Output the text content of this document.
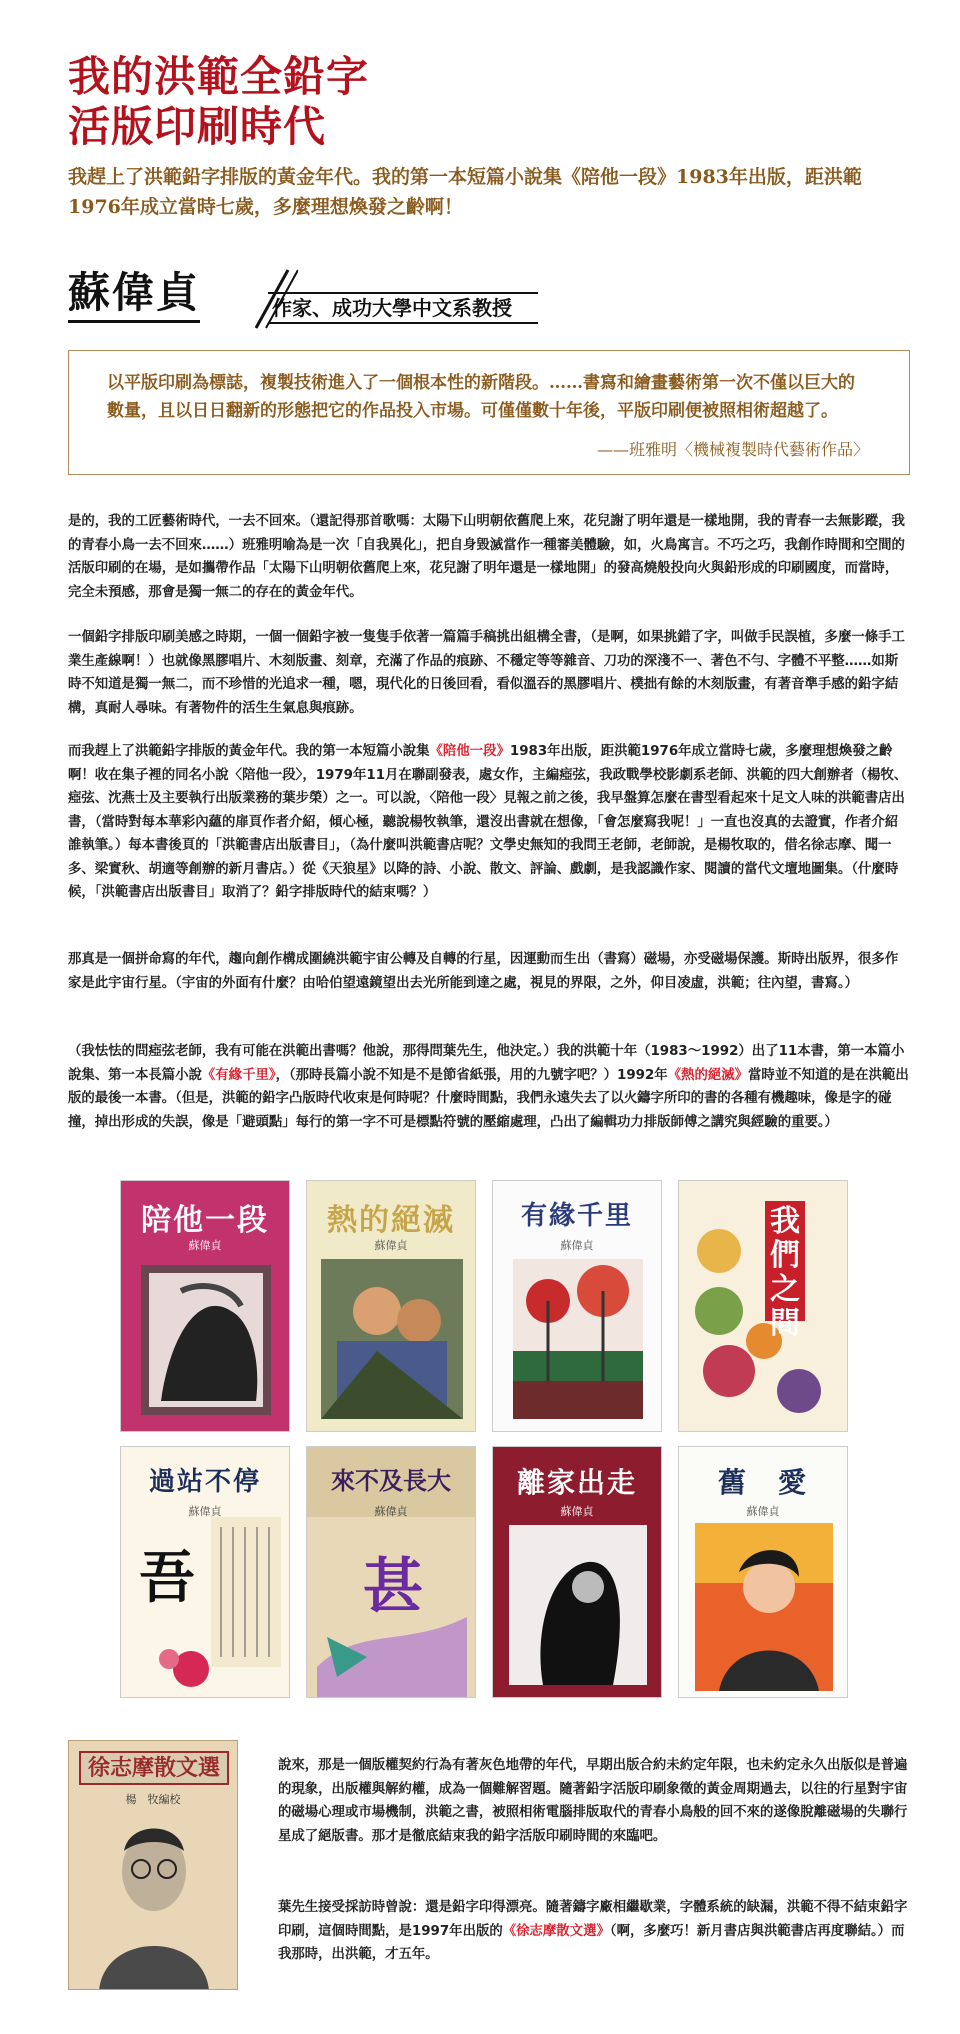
我的洪範全鉛字
活版印刷時代

我趕上了洪範鉛字排版的黃金年代。我的第一本短篇小說集《陪他一段》1983年出版，距洪範1976年成立當時七歲，多麼理想煥發之齡啊！

蘇偉貞	作家、成功大學中文系教授

以平版印刷為標誌，複製技術進入了一個根本性的新階段。……書寫和繪畫藝術第一次不僅以巨大的數量，且以日日翻新的形態把它的作品投入市場。可僅僅數十年後，平版印刷便被照相術超越了。

——班雅明〈機械複製時代藝術作品〉

是的，我的工匠藝術時代，一去不回來。（還記得那首歌嗎：太陽下山明朝依舊爬上來，花兒謝了明年還是一樣地開，我的青春一去無影蹤，我的青春小鳥一去不回來……）班雅明喻為是一次「自我異化」，把自身毀滅當作一種審美體驗，如，火鳥寓言。不巧之巧，我創作時間和空間的活版印刷的在場，是如攜帶作品「太陽下山明朝依舊爬上來，花兒謝了明年還是一樣地開」的發高燒般投向火與鉛形成的印刷國度，而當時，完全未預感，那會是獨一無二的存在的黃金年代。

一個鉛字排版印刷美感之時期，一個一個鉛字被一隻隻手依著一篇篇手稿挑出組構全書，（是啊，如果挑錯了字，叫做手民誤植，多麼一條手工業生產線啊！）也就像黑膠唱片、木刻版畫、刻章，充滿了作品的痕跡、不穩定等等雜音、刀功的深淺不一、著色不勻、字體不平整……如斯時不知道是獨一無二，而不珍惜的光追求一種，嗯，現代化的日後回看，看似溫吞的黑膠唱片、樸拙有餘的木刻版畫，有著音準手感的鉛字結構，真耐人尋味。有著物件的活生生氣息與痕跡。

而我趕上了洪範鉛字排版的黃金年代。我的第一本短篇小說集《陪他一段》1983年出版，距洪範1976年成立當時七歲，多麼理想煥發之齡啊！收在集子裡的同名小說〈陪他一段〉，1979年11月在聯副發表，處女作，主編瘂弦，我政戰學校影劇系老師、洪範的四大創辦者（楊牧、瘂弦、沈燕士及主要執行出版業務的葉步榮）之一。可以說，〈陪他一段〉見報之前之後，我早盤算怎麼在書型看起來十足文人味的洪範書店出書，（當時對每本華彩內蘊的扉頁作者介紹，傾心極，聽說楊牧執筆，還沒出書就在想像，「會怎麼寫我呢！」一直也沒真的去證實，作者介紹誰執筆。）每本書後頁的「洪範書店出版書目」，（為什麼叫洪範書店呢？文學史無知的我問王老師，老師說，是楊牧取的，借名徐志摩、聞一多、梁實秋、胡適等創辦的新月書店。）從《天狼星》以降的詩、小說、散文、評論、戲劇，是我認識作家、閱讀的當代文壇地圖集。（什麼時候，「洪範書店出版書目」取消了？鉛字排版時代的結束嗎？）

那真是一個拼命寫的年代，趨向創作構成圍繞洪範宇宙公轉及自轉的行星，因運動而生出（書寫）磁場，亦受磁場保護。斯時出版界，很多作家是此宇宙行星。（宇宙的外面有什麼？由哈伯望遠鏡望出去光所能到達之處，視見的界限，之外，仰目凌虛，洪範；往內望，書寫。）

（我怯怯的問瘂弦老師，我有可能在洪範出書嗎？他說，那得問葉先生，他決定。）我的洪範十年（1983～1992）出了11本書，第一本篇小說集、第一本長篇小說《有緣千里》，（那時長篇小說不知是不是節省紙張，用的九號字吧？）1992年《熱的絕滅》當時並不知道的是在洪範出版的最後一本書。（但是，洪範的鉛字凸版時代收束是何時呢？什麼時間點，我們永遠失去了以火鑄字所印的書的各種有機趣味，像是字的碰撞，掉出形成的失誤，像是「避頭點」每行的第一字不可是標點符號的壓縮處理，凸出了編輯功力排版師傅之講究與經驗的重要。）

陪他一段
蘇偉貞
熱的絕滅
蘇偉貞
有緣千里
蘇偉貞
我們之間
吾
過站不停
蘇偉貞
甚
來不及長大
蘇偉貞
離家出走
蘇偉貞
舊　愛
蘇偉貞
徐志摩散文選
楊　牧編校

說來，那是一個版權契約行為有著灰色地帶的年代，早期出版合約未約定年限，也未約定永久出版似是普遍的現象，出版權與解約權，成為一個難解習題。隨著鉛字活版印刷象徵的黃金周期過去，以往的行星對宇宙的磁場心理或市場機制，洪範之書，被照相術電腦排版取代的青春小鳥般的回不來的遂像脫離磁場的失聯行星成了絕版書。那才是徹底結束我的鉛字活版印刷時間的來臨吧。

葉先生接受採訪時曾說：還是鉛字印得漂亮。隨著鑄字廠相繼歇業，字體系統的缺漏，洪範不得不結束鉛字印刷，這個時間點，是1997年出版的《徐志摩散文選》（啊，多麼巧！新月書店與洪範書店再度聯結。）而我那時，出洪範，才五年。
